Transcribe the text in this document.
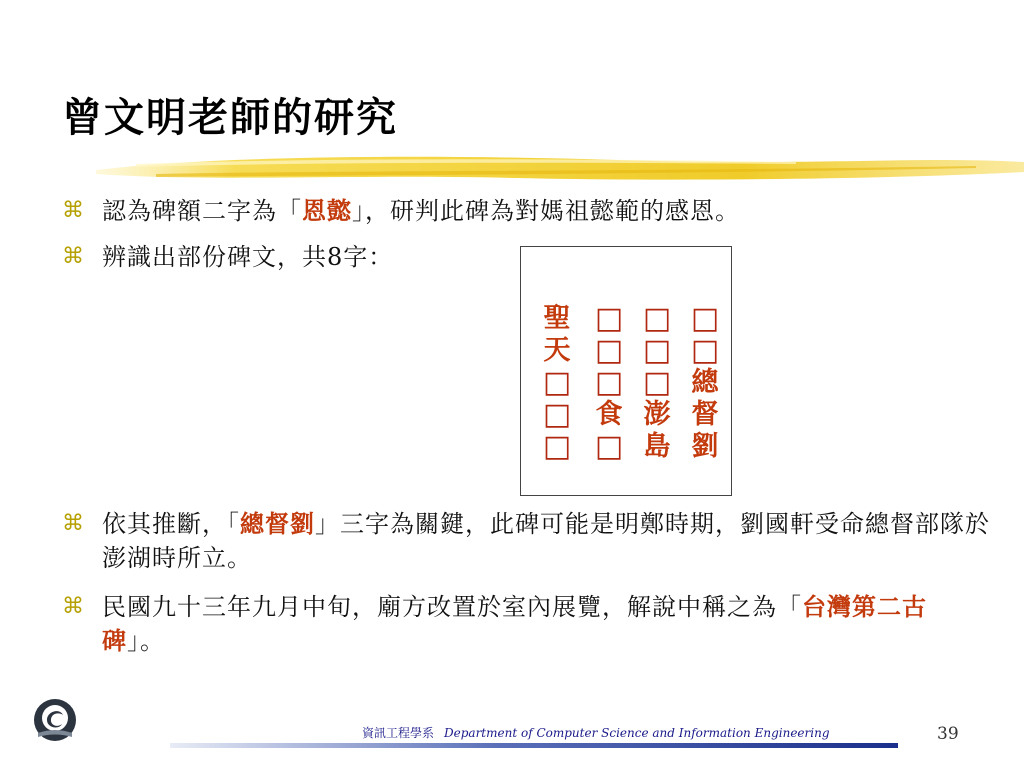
曾文明老師的研究
⌘ 認為碑額二字為「恩懿」，研判此碑為對媽祖懿範的感恩。
⌘ 辨識出部份碑文，共8字：
□
□
總
督
劉
□
□
□
澎
島
□
□
□
食
□
聖
天
□
□
□
⌘ 依其推斷，「總督劉」三字為關鍵，此碑可能是明鄭時期，劉國軒受命總督部隊於澎湖時所立。
⌘ 民國九十三年九月中旬，廟方改置於室內展覽，解說中稱之為「台灣第二古碑」。
資訊工程學系 Department of Computer Science and Information Engineering	39
